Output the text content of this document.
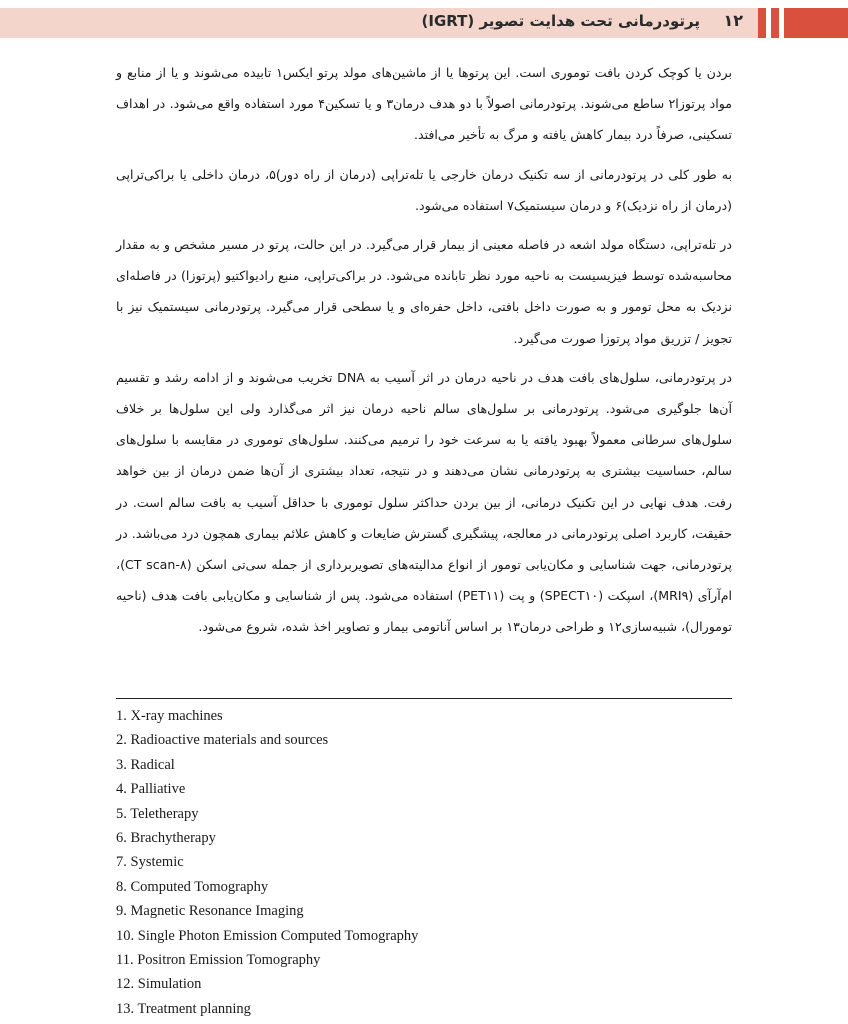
پرتودرمانی تحت هدایت تصویر (IGRT) ۱۲

بردن یا کوچک کردن بافت توموری است. این پرتوها یا از ماشین‌های مولد پرتو ایکس۱ تابیده می‌شوند و یا از منابع و مواد پرتوزا۲ ساطع می‌شوند. پرتودرمانی اصولاً با دو هدف درمان۳ و یا تسکین۴ مورد استفاده واقع می‌شود. در اهداف تسکینی، صرفاً درد بیمار کاهش یافته و مرگ به تأخیر می‌افتد.

به طور کلی در پرتودرمانی از سه تکنیک درمان خارجی یا تله‌تراپی (درمان از راه دور)۵، درمان داخلی یا براکی‌تراپی (درمان از راه نزدیک)۶ و درمان سیستمیک۷ استفاده می‌شود.

در تله‌تراپی، دستگاه مولد اشعه در فاصله معینی از بیمار قرار می‌گیرد. در این حالت، پرتو در مسیر مشخص و به مقدار محاسبه‌شده توسط فیزیسیست به ناحیه مورد نظر تابانده می‌شود. در براکی‌تراپی، منبع رادیواکتیو (پرتوزا) در فاصله‌ای نزدیک به محل تومور و به صورت داخل بافتی، داخل حفره‌ای و یا سطحی قرار می‌گیرد. پرتودرمانی سیستمیک نیز با تجویز / تزریق مواد پرتوزا صورت می‌گیرد.

در پرتودرمانی، سلول‌های بافت هدف در ناحیه درمان در اثر آسیب به DNA تخریب می‌شوند و از ادامه رشد و تقسیم آن‌ها جلوگیری می‌شود. پرتودرمانی بر سلول‌های سالم ناحیه درمان نیز اثر می‌گذارد ولی این سلول‌ها بر خلاف سلول‌های سرطانی معمولاً بهبود یافته یا به سرعت خود را ترمیم می‌کنند. سلول‌های توموری در مقایسه با سلول‌های سالم، حساسیت بیشتری به پرتودرمانی نشان می‌دهند و در نتیجه، تعداد بیشتری از آن‌ها ضمن درمان از بین خواهد رفت. هدف نهایی در این تکنیک درمانی، از بین بردن حداکثر سلول توموری با حداقل آسیب به بافت سالم است. در حقیقت، کاربرد اصلی پرتودرمانی در معالجه، پیشگیری گسترش ضایعات و کاهش علائم بیماری همچون درد می‌باشد. در پرتودرمانی، جهت شناسایی و مکان‌یابی تومور از انواع مدالیته‌های تصویربرداری از جمله سی‌تی اسکن (CT scan-۸)، ام‌آر‌آی (MRI۹)، اسپکت (SPECT۱۰) و پت (PET۱۱) استفاده می‌شود. پس از شناسایی و مکان‌یابی بافت هدف (ناحیه تومورال)، شبیه‌سازی۱۲ و طراحی درمان۱۳ بر اساس آناتومی بیمار و تصاویر اخذ شده، شروع می‌شود.

1. X-ray machines
2. Radioactive materials and sources
3. Radical
4. Palliative
5. Teletherapy
6. Brachytherapy
7. Systemic
8. Computed Tomography
9. Magnetic Resonance Imaging
10. Single Photon Emission Computed Tomography
11. Positron Emission Tomography
12. Simulation
13. Treatment planning
